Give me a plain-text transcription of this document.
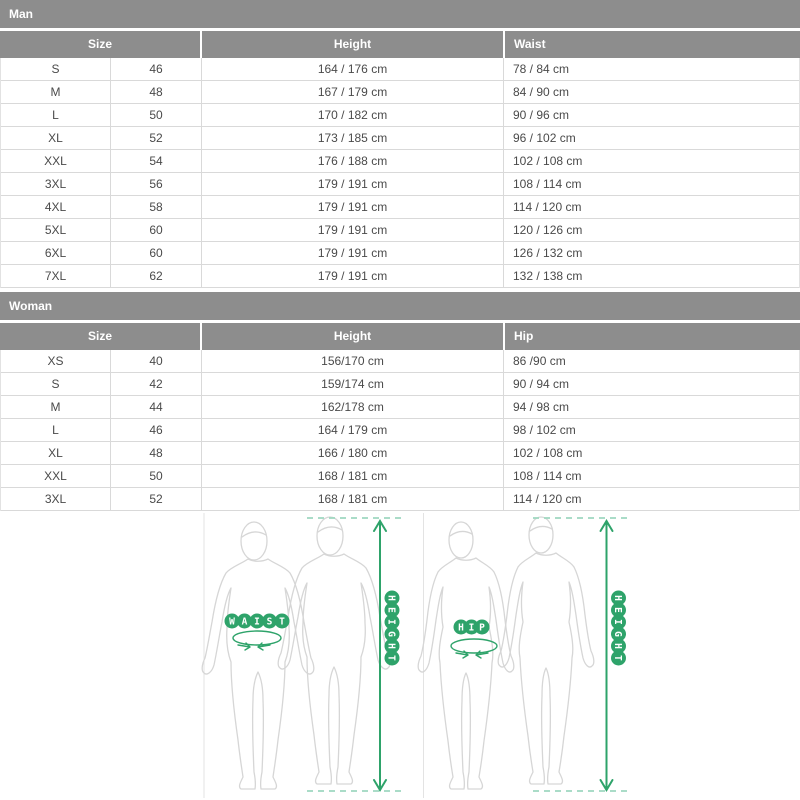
Man
Size	Height	Waist
S	46	164 / 176 cm	78 / 84 cm
M	48	167 / 179 cm	84 / 90 cm
L	50	170 / 182 cm	90 / 96 cm
XL	52	173 / 185 cm	96 / 102 cm
XXL	54	176 / 188 cm	102 / 108 cm
3XL	56	179 / 191 cm	108 / 114 cm
4XL	58	179 / 191 cm	114 / 120 cm
5XL	60	179 / 191 cm	120 / 126 cm
6XL	60	179 / 191 cm	126 / 132 cm
7XL	62	179 / 191 cm	132 / 138 cm
Woman
Size	Height	Hip
XS	40	156/170 cm	86 /90 cm
S	42	159/174 cm	90 / 94 cm
M	44	162/178 cm	94 / 98 cm
L	46	164 / 179 cm	98 / 102 cm
XL	48	166 / 180 cm	102 / 108 cm
XXL	50	168 / 181 cm	108 / 114 cm
3XL	52	168 / 181 cm	114 / 120 cm
W A I S T
H I P
H
E
I
G
H
T
H
E
I
G
H
T
